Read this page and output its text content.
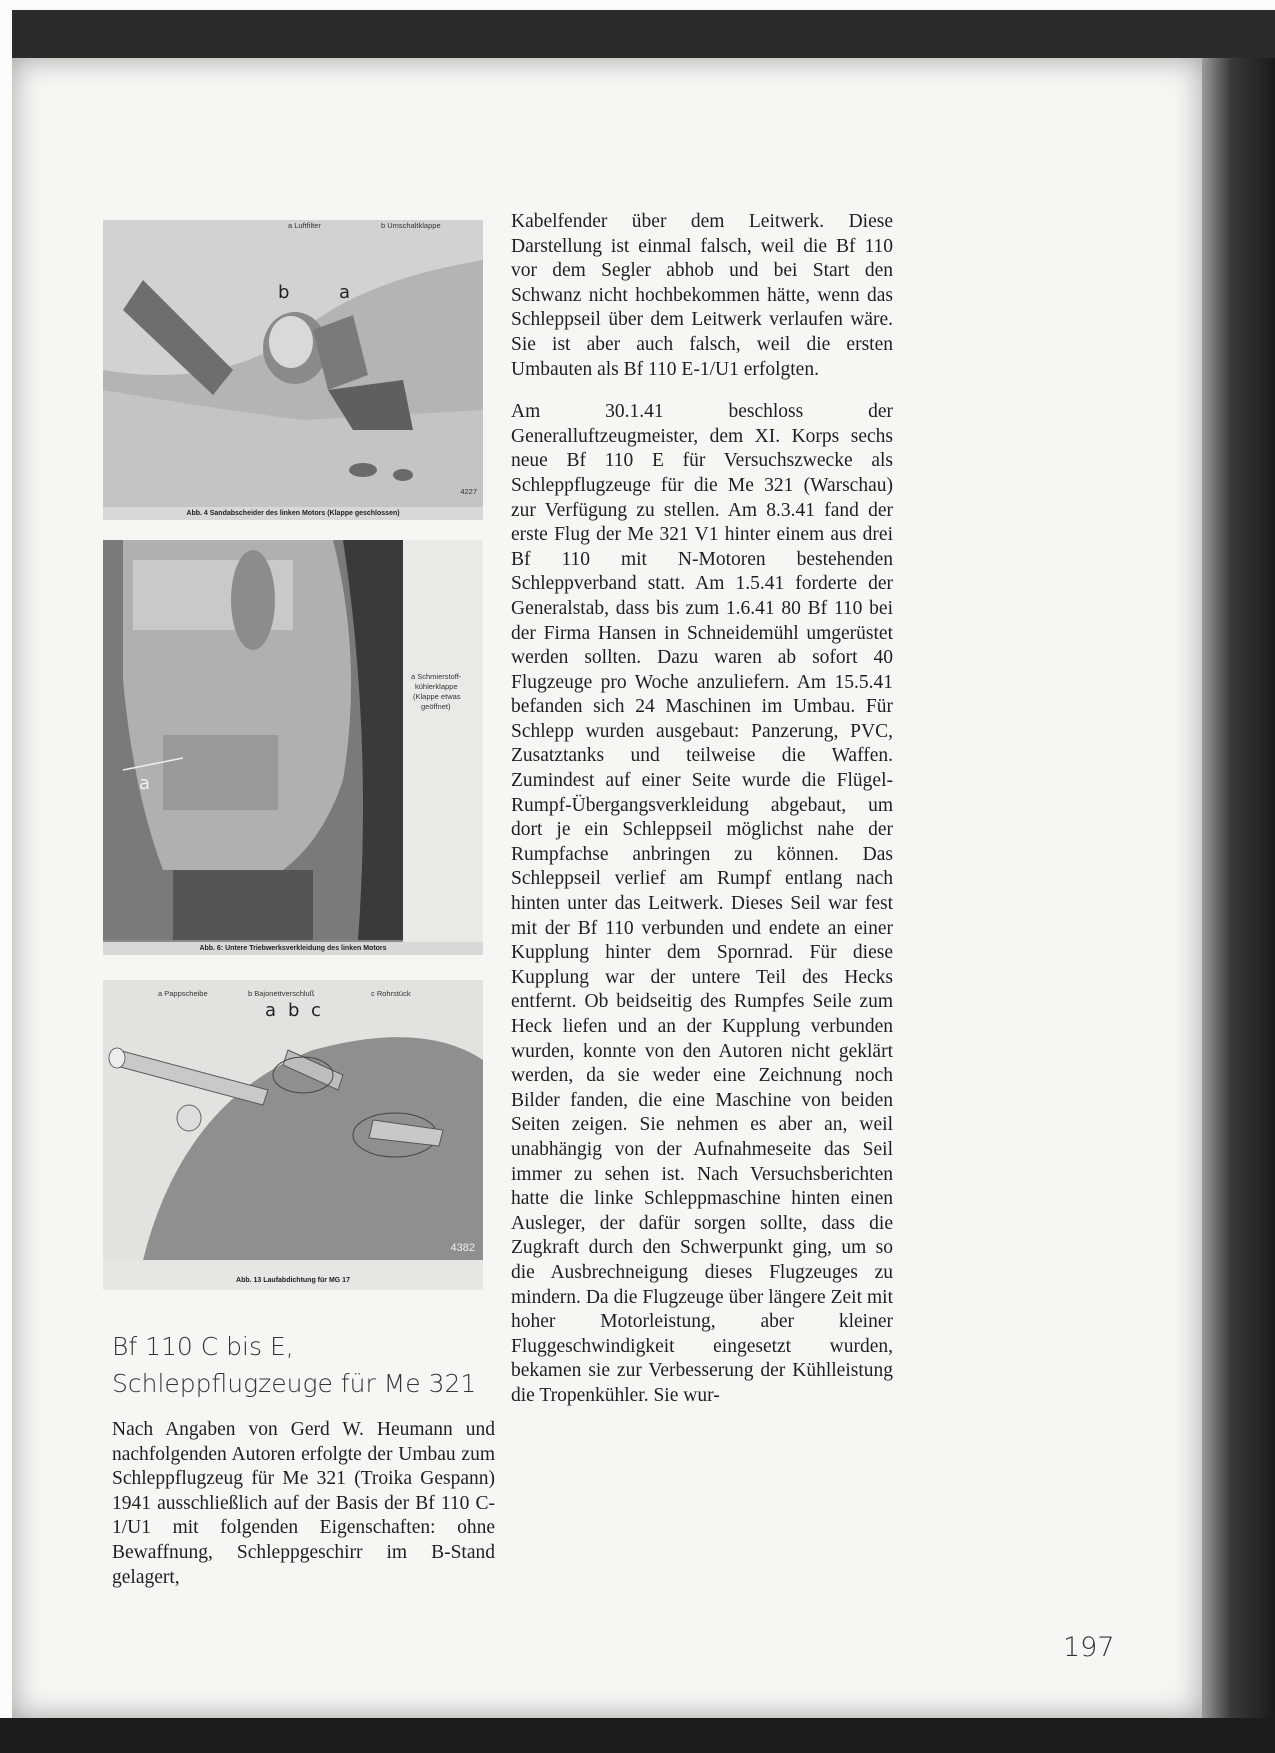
a Luftfilter	b Umschaltklappe
b	a
4227
Abb. 4 Sandabscheider des linken Motors (Klappe geschlossen)
a Schmierstoff-
kühlerklappe
(Klappe etwas
geöffnet)
a
Abb. 6: Untere Triebwerksverkleidung des linken Motors
a Pappscheibe	b Bajonettverschluß	c Rohrstück
a b c
4382
Abb. 13 Laufabdichtung für MG 17
Bf 110 C bis E,
Schleppflugzeuge für Me 321

Nach Angaben von Gerd W. Heumann und nachfolgenden Autoren erfolgte der Umbau zum Schleppflugzeug für Me 321 (Troika Gespann) 1941 ausschließlich auf der Basis der Bf 110 C-1/U1 mit folgenden Eigenschaften: ohne Bewaffnung, Schleppgeschirr im B-Stand gelagert,

Kabelfender über dem Leitwerk. Diese Darstellung ist einmal falsch, weil die Bf 110 vor dem Segler abhob und bei Start den Schwanz nicht hochbekommen hätte, wenn das Schleppseil über dem Leitwerk verlaufen wäre. Sie ist aber auch falsch, weil die ersten Umbauten als Bf 110 E-1/U1 erfolgten.

Am 30.1.41 beschloss der Generalluftzeugmeister, dem XI. Korps sechs neue Bf 110 E für Versuchszwecke als Schleppflugzeuge für die Me 321 (Warschau) zur Verfügung zu stellen. Am 8.3.41 fand der erste Flug der Me 321 V1 hinter einem aus drei Bf 110 mit N-Motoren bestehenden Schleppverband statt. Am 1.5.41 forderte der Generalstab, dass bis zum 1.6.41 80 Bf 110 bei der Firma Hansen in Schneidemühl umgerüstet werden sollten. Dazu waren ab sofort 40 Flugzeuge pro Woche anzuliefern. Am 15.5.41 befanden sich 24 Maschinen im Umbau. Für Schlepp wurden ausgebaut: Panzerung, PVC, Zusatztanks und teilweise die Waffen. Zumindest auf einer Seite wurde die Flügel-Rumpf-Übergangsverkleidung abgebaut, um dort je ein Schleppseil möglichst nahe der Rumpfachse anbringen zu können. Das Schleppseil verlief am Rumpf entlang nach hinten unter das Leitwerk. Dieses Seil war fest mit der Bf 110 verbunden und endete an einer Kupplung hinter dem Spornrad. Für diese Kupplung war der untere Teil des Hecks entfernt. Ob beidseitig des Rumpfes Seile zum Heck liefen und an der Kupplung verbunden wurden, konnte von den Autoren nicht geklärt werden, da sie weder eine Zeichnung noch Bilder fanden, die eine Maschine von beiden Seiten zeigen. Sie nehmen es aber an, weil unabhängig von der Aufnahmeseite das Seil immer zu sehen ist. Nach Versuchsberichten hatte die linke Schleppmaschine hinten einen Ausleger, der dafür sorgen sollte, dass die Zugkraft durch den Schwerpunkt ging, um so die Ausbrechneigung dieses Flugzeuges zu mindern. Da die Flugzeuge über längere Zeit mit hoher Motorleistung, aber kleiner Fluggeschwindigkeit eingesetzt wurden, bekamen sie zur Verbesserung der Kühlleistung die Tropenkühler. Sie wur-

197
